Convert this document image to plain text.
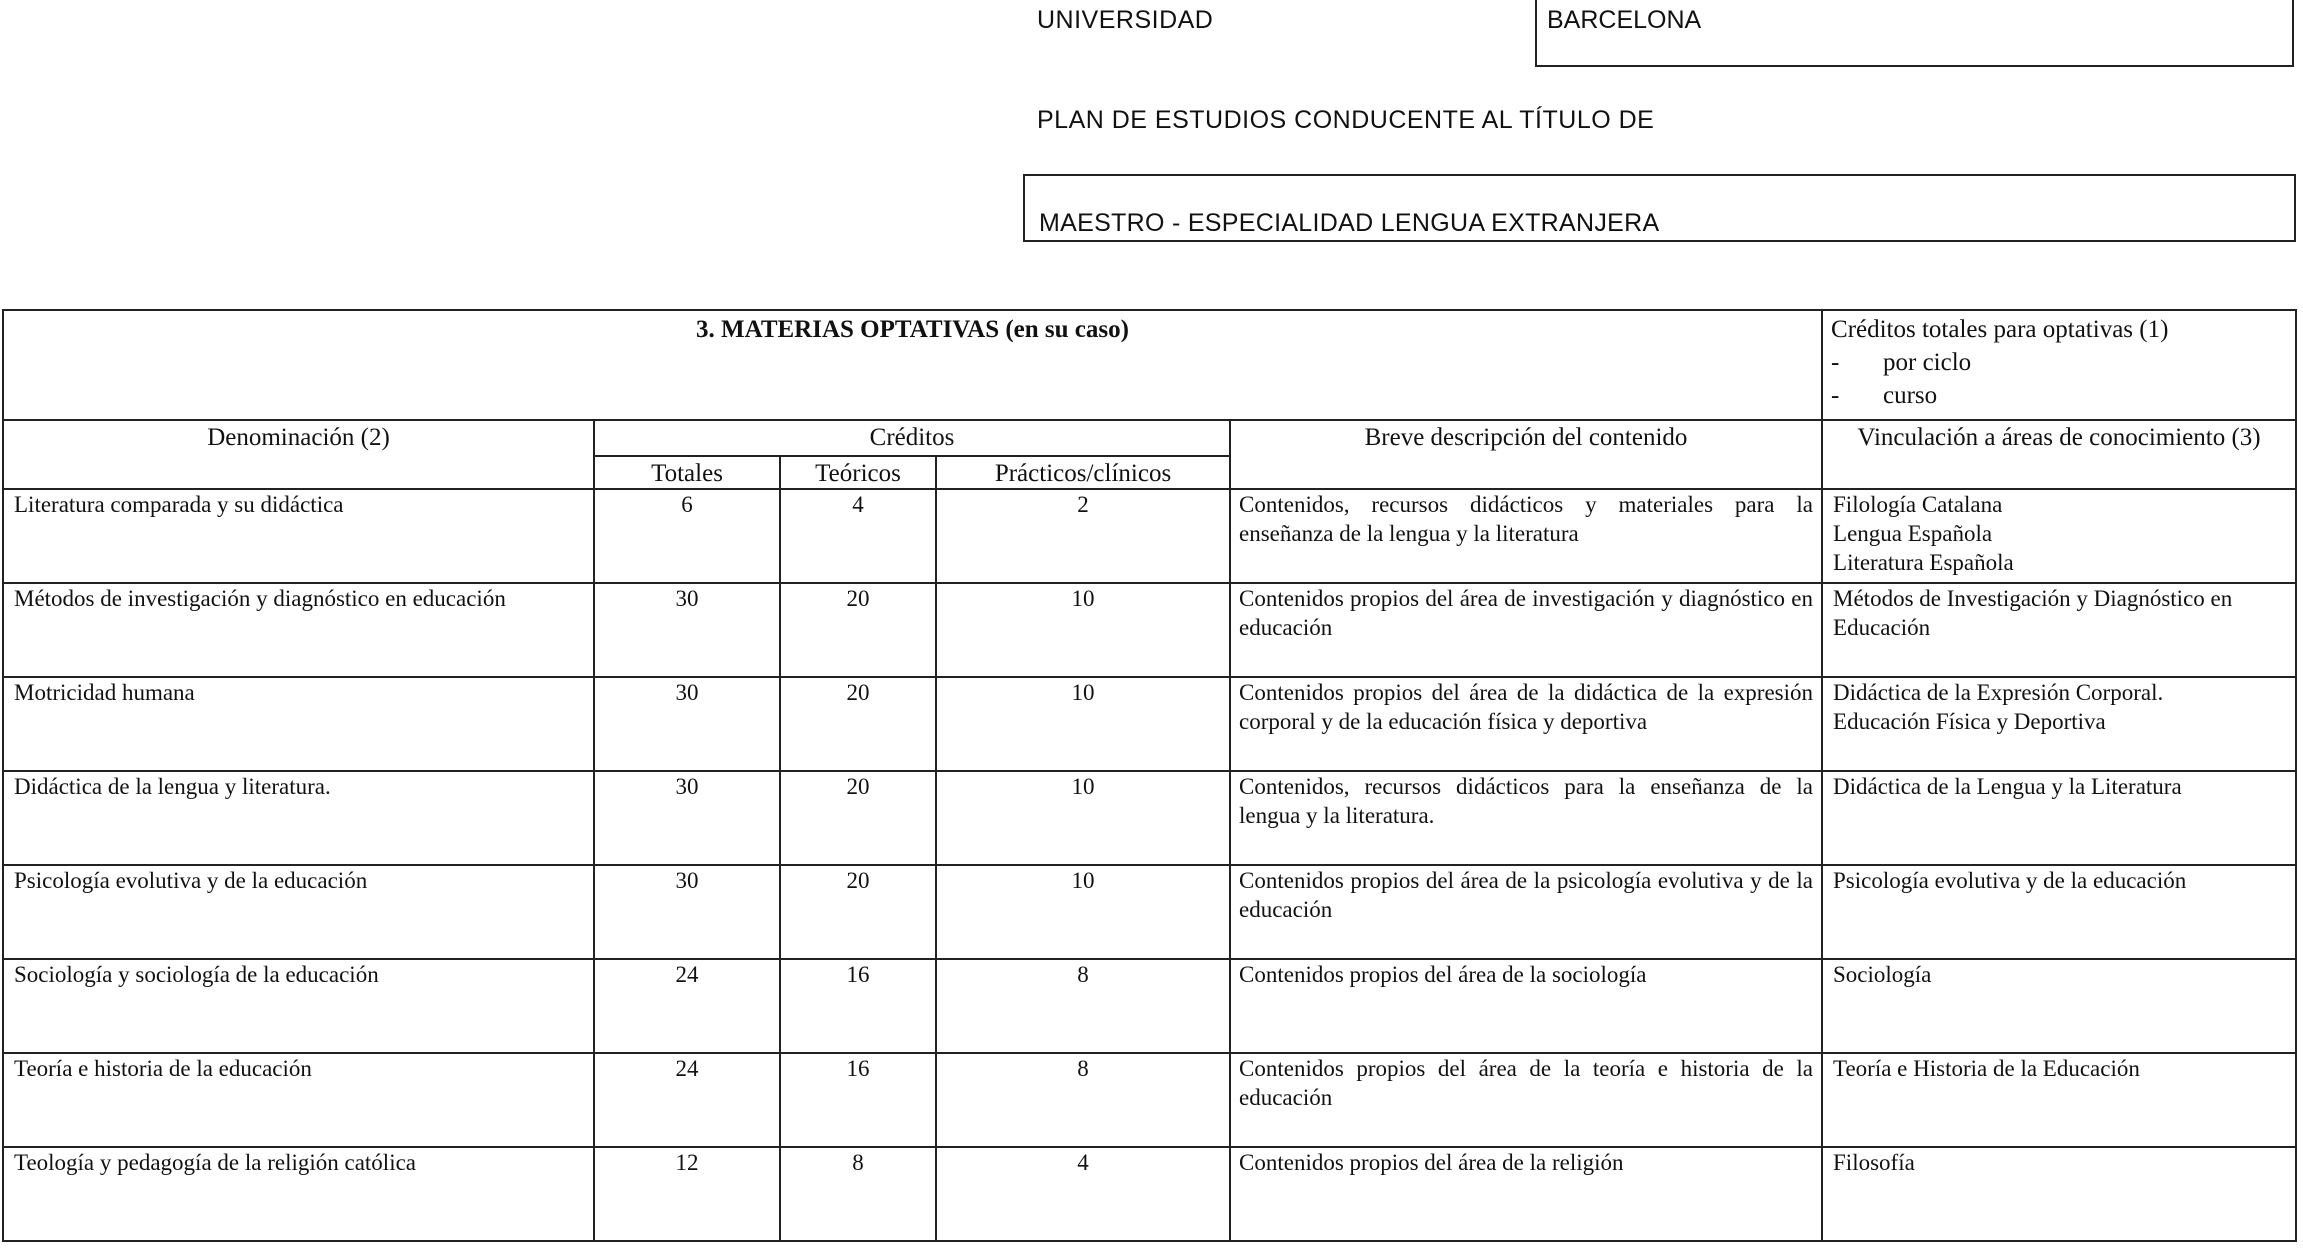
UNIVERSIDAD	BARCELONA
PLAN DE ESTUDIOS CONDUCENTE AL TÍTULO DE
MAESTRO - ESPECIALIDAD LENGUA EXTRANJERA
3. MATERIAS OPTATIVAS (en su caso)					Créditos totales para optativas (1)
- por ciclo
- curso

Denominación (2)	Créditos			Breve descripción del contenido	Vinculación a áreas de conocimiento (3)
	Totales	Teóricos	Prácticos/clínicos		
Literatura comparada y su didáctica	6	4	2	Contenidos, recursos didácticos y materiales para la enseñanza de la lengua y la literatura	Filología Catalana
Lengua Española
Literatura Española

Métodos de investigación y diagnóstico en educación	30	20	10	Contenidos propios del área de investigación y diagnóstico en educación	Métodos de Investigación y Diagnóstico en
Educación

Motricidad humana	30	20	10	Contenidos propios del área de la didáctica de la expresión corporal y de la educación física y deportiva	Didáctica de la Expresión Corporal.
Educación Física y Deportiva

Didáctica de la lengua y literatura.	30	20	10	Contenidos, recursos didácticos para la enseñanza de la lengua y la literatura.	Didáctica de la Lengua y la Literatura

Psicología evolutiva y de la educación	30	20	10	Contenidos propios del área de la psicología evolutiva y de la educación	Psicología evolutiva y de la educación

Sociología y sociología de la educación	24	16	8	Contenidos propios del área de la sociología	Sociología

Teoría e historia de la educación	24	16	8	Contenidos propios del área de la teoría e historia de la educación	Teoría e Historia de la Educación

Teología y pedagogía de la religión católica	12	8	4	Contenidos propios del área de la religión	Filosofía
